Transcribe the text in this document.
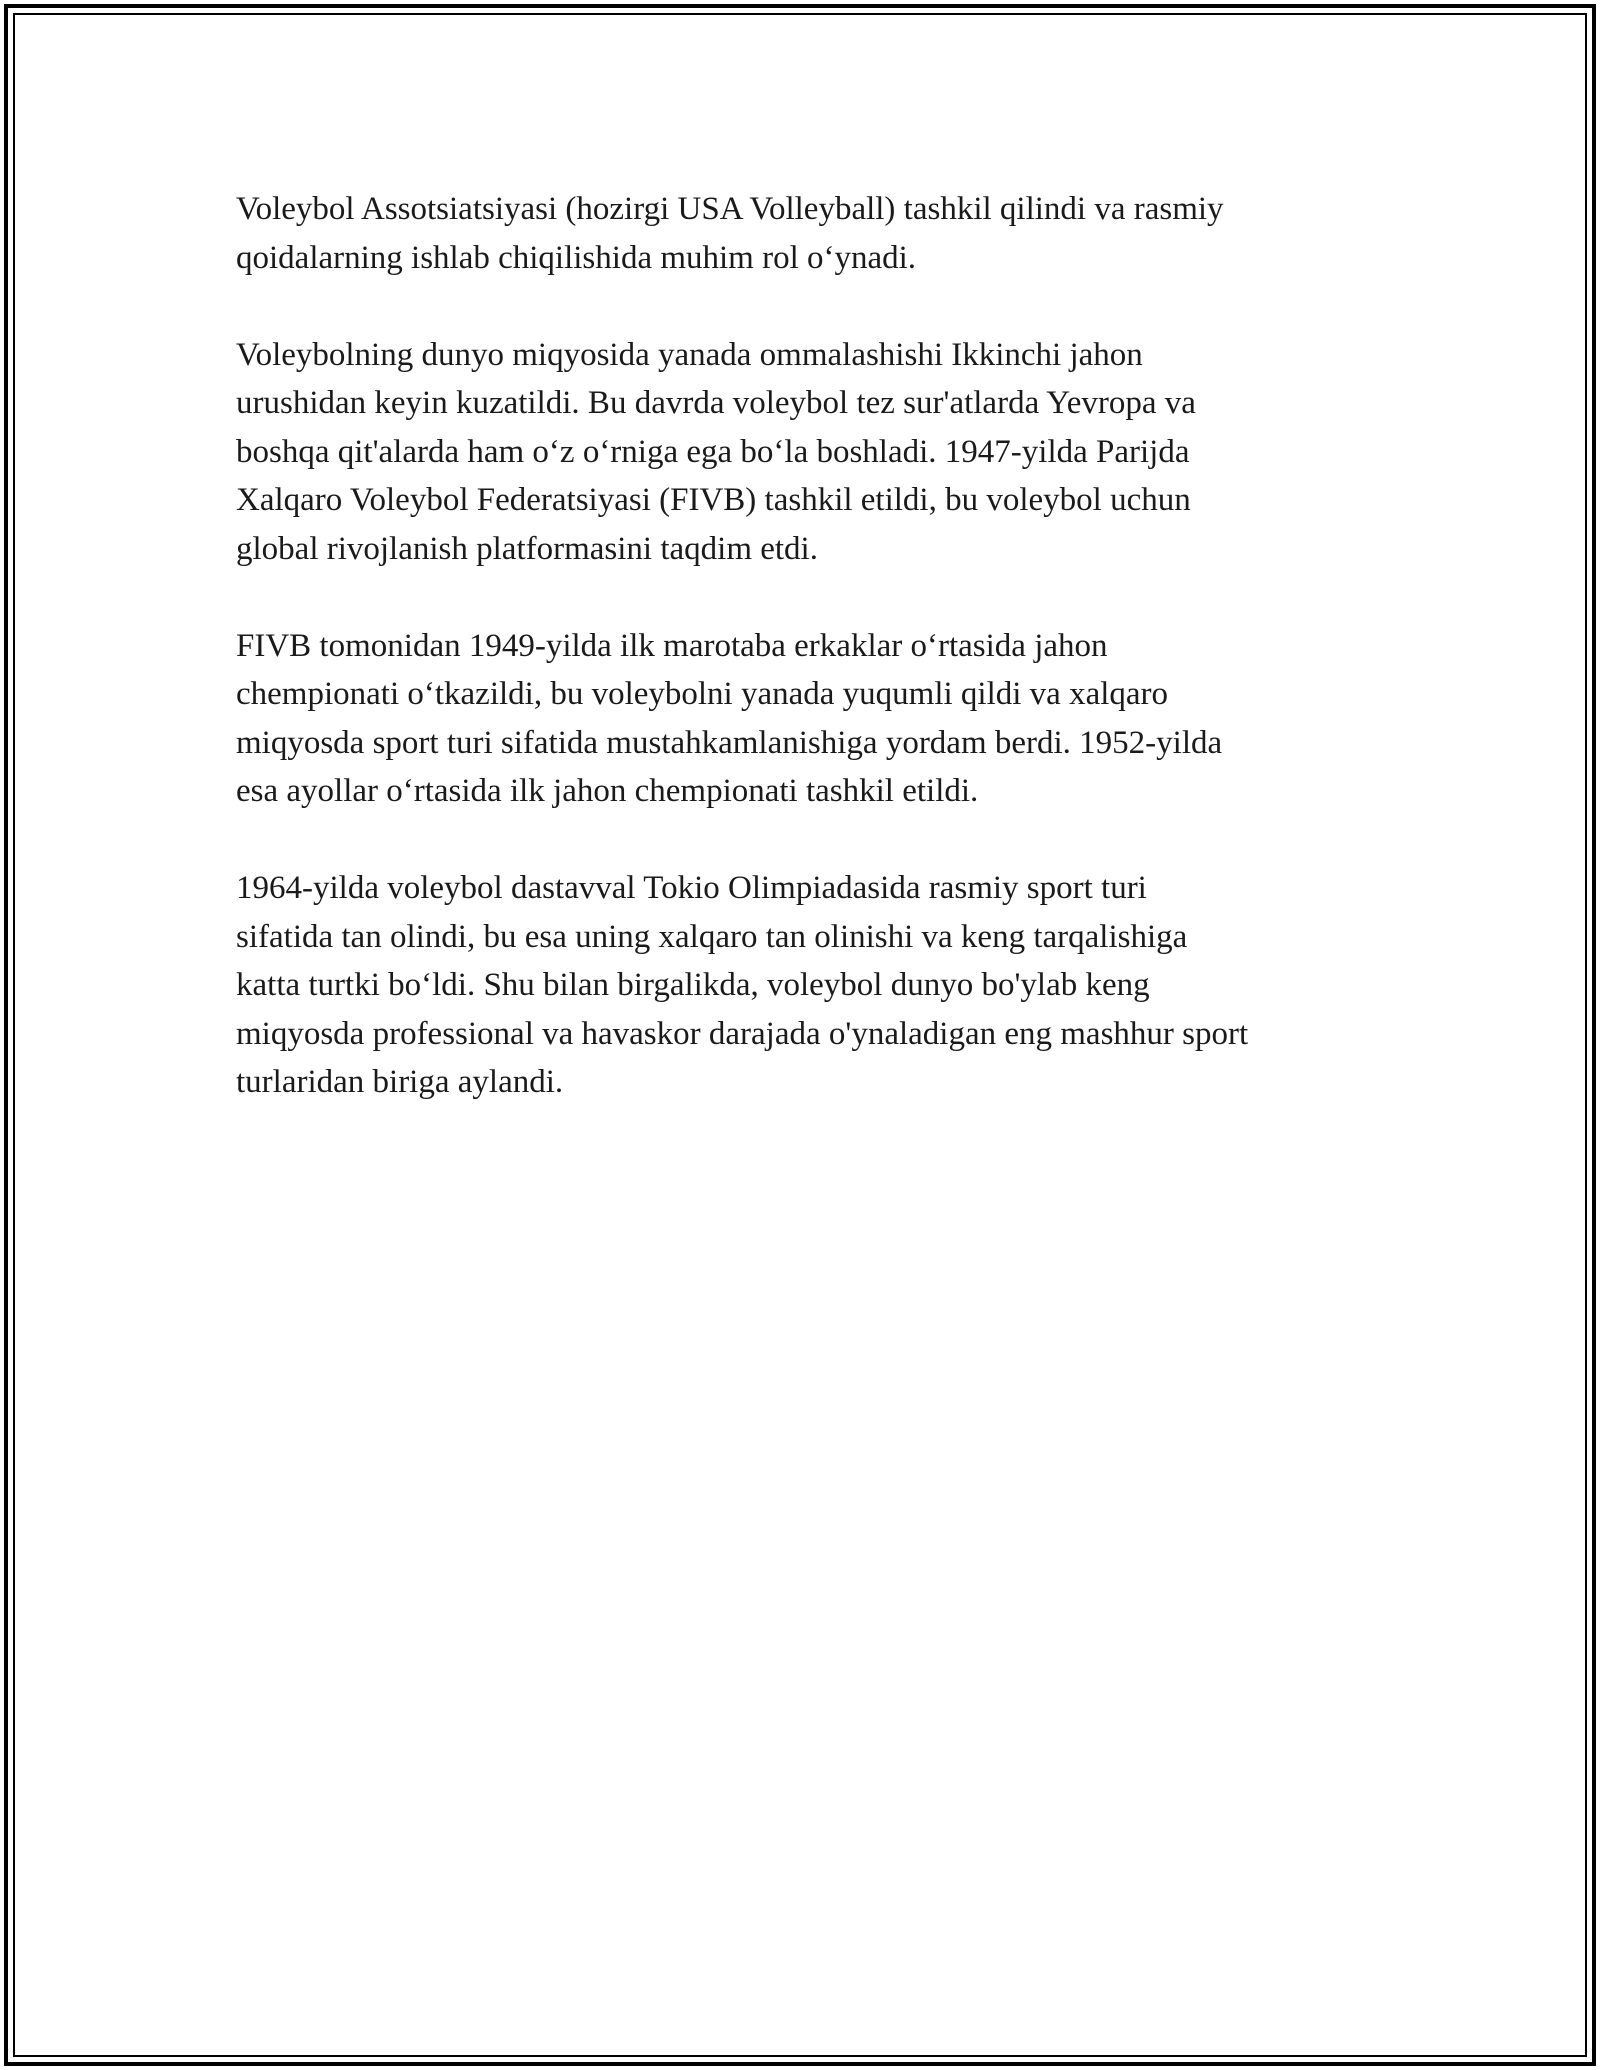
Voleybol Assotsiatsiyasi (hozirgi USA Volleyball) tashkil qilindi va rasmiy
qoidalarning ishlab chiqilishida muhim rol o‘ynadi.

Voleybolning dunyo miqyosida yanada ommalashishi Ikkinchi jahon
urushidan keyin kuzatildi. Bu davrda voleybol tez sur'atlarda Yevropa va
boshqa qit'alarda ham o‘z o‘rniga ega bo‘la boshladi. 1947-yilda Parijda
Xalqaro Voleybol Federatsiyasi (FIVB) tashkil etildi, bu voleybol uchun
global rivojlanish platformasini taqdim etdi.

FIVB tomonidan 1949-yilda ilk marotaba erkaklar o‘rtasida jahon
chempionati o‘tkazildi, bu voleybolni yanada yuqumli qildi va xalqaro
miqyosda sport turi sifatida mustahkamlanishiga yordam berdi. 1952-yilda
esa ayollar o‘rtasida ilk jahon chempionati tashkil etildi.

1964-yilda voleybol dastavval Tokio Olimpiadasida rasmiy sport turi
sifatida tan olindi, bu esa uning xalqaro tan olinishi va keng tarqalishiga
katta turtki bo‘ldi. Shu bilan birgalikda, voleybol dunyo bo'ylab keng
miqyosda professional va havaskor darajada o'ynaladigan eng mashhur sport
turlaridan biriga aylandi.
